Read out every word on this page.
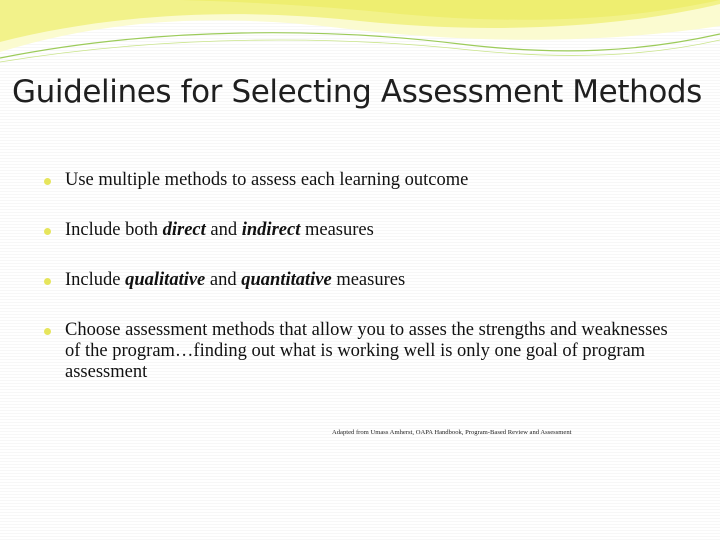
Guidelines for Selecting Assessment Methods
Use multiple methods to assess each learning outcome
Include both direct and indirect measures
Include qualitative and quantitative measures
Choose assessment methods that allow you to asses the strengths and weaknesses of the program…finding out what is working well is only one goal of program assessment
Adapted from Umass Amherst, OAPA Handbook, Program-Based Review and Assessment
